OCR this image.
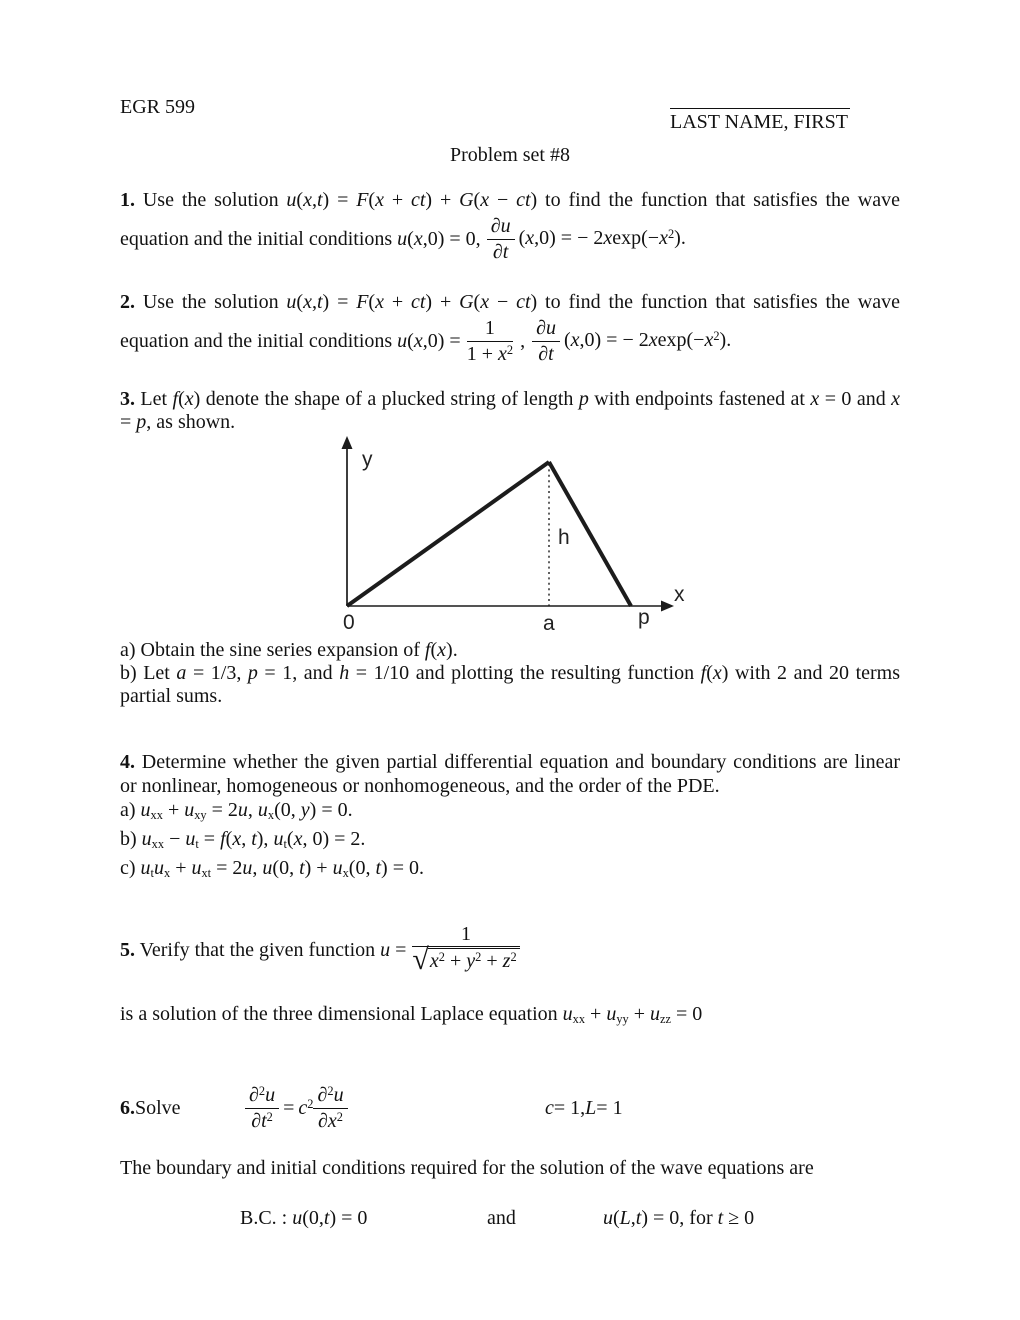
EGR 599
LAST NAME, FIRST
Problem set #8
1. Use the solution u(x,t) = F(x + ct) + G(x − ct) to find the function that satisfies the wave
equation and the initial conditions u(x,0) = 0, $\frac{\partial u}{\partial t} (x,0)$ = − $2xexp(-x^2)$.
2. Use the solution u(x,t) = F(x + ct) + G(x − ct) to find the function that satisfies the wave
equation and the initial conditions $u(x,0) = \frac{1}{1 + x^2}$ , $\frac{\partial u}{\partial t} (x,0)$ = − $2xexp(-x^2)$.
3. Let f(x) denote the shape of a plucked string of length p with endpoints fastened at x = 0 and x
= p, as shown.
y
x
0	a	p
h
a) Obtain the sine series expansion of f(x).
b) Let a = 1/3, p = 1, and h = 1/10 and plotting the resulting function f(x) with 2 and 20 terms
partial sums.
4. Determine whether the given partial differential equation and boundary conditions are linear
or nonlinear, homogeneous or nonhomogeneous, and the order of the PDE.
a) uxx + uxy = 2u, ux(0, y) = 0.
b) uxx − ut = f(x, t), ut(x, 0) = 2.
c) utux + uxt = 2u, u(0, t) + ux(0, t) = 0.
5. Verify that the given function $u = \frac{1}{√ x^2 + y^2 + z^2}$
is a solution of the three dimensional Laplace equation uxx + uyy + uzz = 0
6. Solve	$\frac{\partial^2u}{\partial t^2} = c^2 \frac{\partial^2u}{\partial x^2}$	c = 1, L = 1
The boundary and initial conditions required for the solution of the wave equations are
B.C. : u(0,t) = 0	and	u(L,t) = 0, for t ≥ 0
